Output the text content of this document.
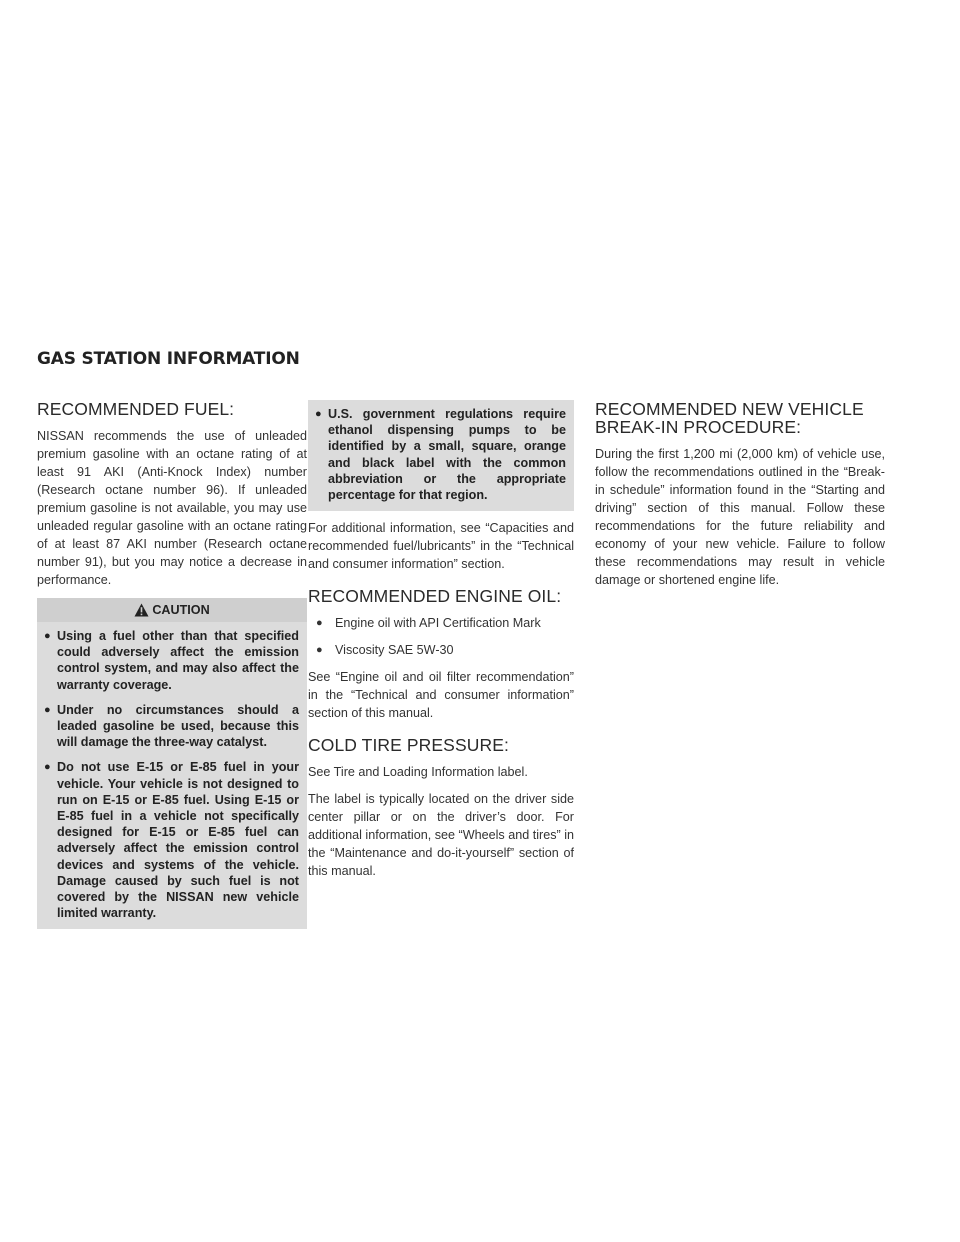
GAS STATION INFORMATION
RECOMMENDED FUEL:

NISSAN recommends the use of unleaded premium gasoline with an octane rating of at least 91 AKI (Anti-Knock Index) number (Research octane number 96). If unleaded premium gasoline is not available, you may use unleaded regular gasoline with an octane rating of at least 87 AKI number (Research octane number 91), but you may notice a decrease in performance.

CAUTION
● Using a fuel other than that specified could adversely affect the emission control system, and may also affect the warranty coverage.
● Under no circumstances should a leaded gasoline be used, because this will damage the three-way catalyst.
● Do not use E-15 or E-85 fuel in your vehicle. Your vehicle is not designed to run on E-15 or E-85 fuel. Using E-15 or E-85 fuel in a vehicle not specifically designed for E-15 or E-85 fuel can adversely affect the emission control devices and systems of the vehicle. Damage caused by such fuel is not covered by the NISSAN new vehicle limited warranty.
● U.S. government regulations require ethanol dispensing pumps to be identified by a small, square, orange and black label with the common abbreviation or the appropriate percentage for that region.

For additional information, see “Capacities and recommended fuel/lubricants” in the “Technical and consumer information” section.

RECOMMENDED ENGINE OIL:
● Engine oil with API Certification Mark
● Viscosity SAE 5W-30

See “Engine oil and oil filter recommendation” in the “Technical and consumer information” section of this manual.

COLD TIRE PRESSURE:

See Tire and Loading Information label.

The label is typically located on the driver side center pillar or on the driver’s door. For additional information, see “Wheels and tires” in the “Maintenance and do-it-yourself” section of this manual.

RECOMMENDED NEW VEHICLE BREAK-IN PROCEDURE:

During the first 1,200 mi (2,000 km) of vehicle use, follow the recommendations outlined in the “Break-in schedule” information found in the “Starting and driving” section of this manual. Follow these recommendations for the future reliability and economy of your new vehicle. Failure to follow these recommendations may result in vehicle damage or shortened engine life.
